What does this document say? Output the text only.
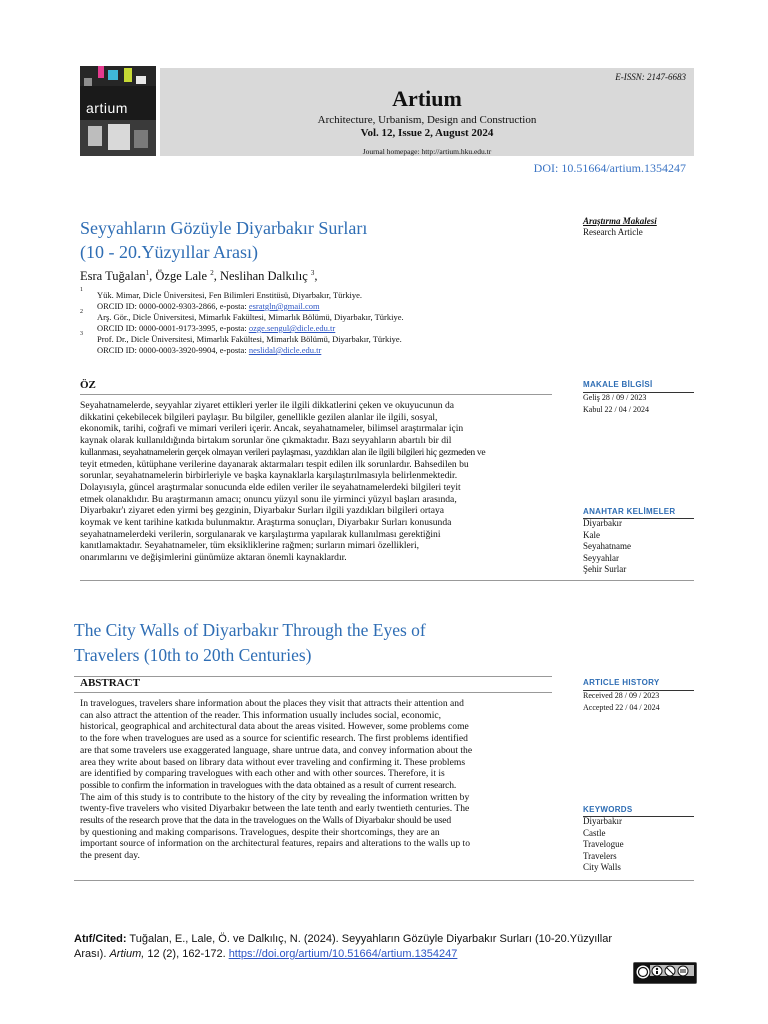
artium
E-ISSN: 2147-6683
Artium
Architecture, Urbanism, Design and Construction
Vol. 12, Issue 2, August 2024
Journal homepage: http://artium.hku.edu.tr
DOI: 10.51664/artium.1354247
Seyyahların Gözüyle Diyarbakır Surları
(10 - 20.Yüzyıllar Arası)
Araştırma Makalesi
Research Article
Esra Tuğalan$^1$, Özge Lale $^2$, Neslihan Dalkılıç $^3$,
1 Yük. Mimar, Dicle Üniversitesi, Fen Bilimleri Enstitüsü, Diyarbakır, Türkiye.
ORCID ID: 0000-0002-9303-2866, e-posta: esratgln@gmail.com
2 Arş. Gör., Dicle Üniversitesi, Mimarlık Fakültesi, Mimarlık Bölümü, Diyarbakır, Türkiye.
ORCID ID: 0000-0001-9173-3995, e-posta: ozge.sengul@dicle.edu.tr
3 Prof. Dr., Dicle Üniversitesi, Mimarlık Fakültesi, Mimarlık Bölümü, Diyarbakır, Türkiye.
ORCID ID: 0000-0003-3920-9904, e-posta: neslidal@dicle.edu.tr
ÖZ
Seyahatnamelerde, seyyahlar ziyaret ettikleri yerler ile ilgili dikkatlerini çeken ve okuyucunun da
dikkatini çekebilecek bilgileri paylaşır. Bu bilgiler, genellikle gezilen alanlar ile ilgili, sosyal,
ekonomik, tarihi, coğrafi ve mimari verileri içerir. Ancak, seyahatnameler, bilimsel araştırmalar için
kaynak olarak kullanıldığında birtakım sorunlar öne çıkmaktadır. Bazı seyyahların abartılı bir dil
kullanması, seyahatnamelerin gerçek olmayan verileri paylaşması, yazdıkları alan ile ilgili bilgileri hiç gezmeden ve
teyit etmeden, kütüphane verilerine dayanarak aktarmaları tespit edilen ilk sorunlardır. Bahsedilen bu
sorunlar, seyahatnamelerin birbirleriyle ve başka kaynaklarla karşılaştırılmasıyla belirlenmektedir.
Dolayısıyla, güncel araştırmalar sonucunda elde edilen veriler ile seyahatnamelerdeki bilgileri teyit
etmek olanaklıdır. Bu araştırmanın amacı; onuncu yüzyıl sonu ile yirminci yüzyıl başları arasında,
Diyarbakır'ı ziyaret eden yirmi beş gezginin, Diyarbakır Surları ilgili yazdıkları bilgileri ortaya
koymak ve kent tarihine katkıda bulunmaktır. Araştırma sonuçları, Diyarbakır Surları konusunda
seyahatnamelerdeki verilerin, sorgulanarak ve karşılaştırma yapılarak kullanılması gerektiğini
kanıtlamaktadır. Seyahatnameler, tüm eksikliklerine rağmen; surların mimari özellikleri,
onarımlarını ve değişimlerini günümüze aktaran önemli kaynaklardır.
MAKALE BİLGİSİ
Geliş 28 / 09 / 2023
Kabul 22 / 04 / 2024
ANAHTAR KELİMELER
Diyarbakır
Kale
Seyahatname
Seyyahlar
Şehir Surlar
The City Walls of Diyarbakır Through the Eyes of
Travelers (10th to 20th Centuries)
ABSTRACT
In travelogues, travelers share information about the places they visit that attracts their attention and
can also attract the attention of the reader. This information usually includes social, economic,
historical, geographical and architectural data about the areas visited. However, some problems come
to the fore when travelogues are used as a source for scientific research. The first problems identified
are that some travelers use exaggerated language, share untrue data, and convey information about the
area they write about based on library data without ever traveling and confirming it. These problems
are identified by comparing travelogues with each other and with other sources. Therefore, it is
possible to confirm the information in travelogues with the data obtained as a result of current research.
The aim of this study is to contribute to the history of the city by revealing the information written by
twenty-five travelers who visited Diyarbakır between the late tenth and early twentieth centuries. The
results of the research prove that the data in the travelogues on the Walls of Diyarbakır should be used
by questioning and making comparisons. Travelogues, despite their shortcomings, they are an
important source of information on the architectural features, repairs and alterations to the walls up to
the present day.
ARTICLE HISTORY
Received 28 / 09 / 2023
Accepted 22 / 04 / 2024
KEYWORDS
Diyarbakır
Castle
Travelogue
Travelers
City Walls
Atıf/Cited: Tuğalan, E., Lale, Ö. ve Dalkılıç, N. (2024). Seyyahların Gözüyle Diyarbakır Surları (10-20.Yüzyıllar
Arası). Artium, 12 (2), 162-172. https://doi.org/artium/10.51664/artium.1354247
